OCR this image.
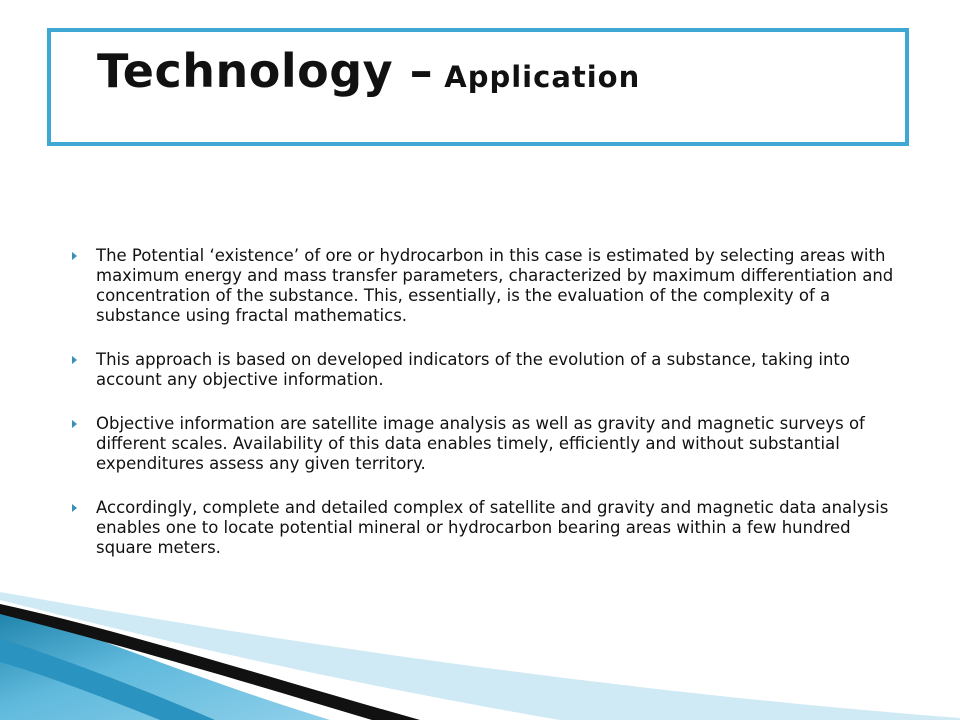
Technology – Application
The Potential ‘existence’ of ore or hydrocarbon in this case is estimated by selecting areas with maximum energy and mass transfer parameters, characterized by maximum differentiation and concentration of the substance. This, essentially, is the evaluation of the complexity of a substance using fractal mathematics.
This approach is based on developed indicators of the evolution of a substance, taking into account any objective information.
Objective information are satellite image analysis as well as gravity and magnetic surveys of different scales. Availability of this data enables timely, efficiently and without substantial expenditures assess any given territory.
Accordingly, complete and detailed complex of satellite and gravity and magnetic data analysis enables one to locate potential mineral or hydrocarbon bearing areas within a few hundred square meters.
